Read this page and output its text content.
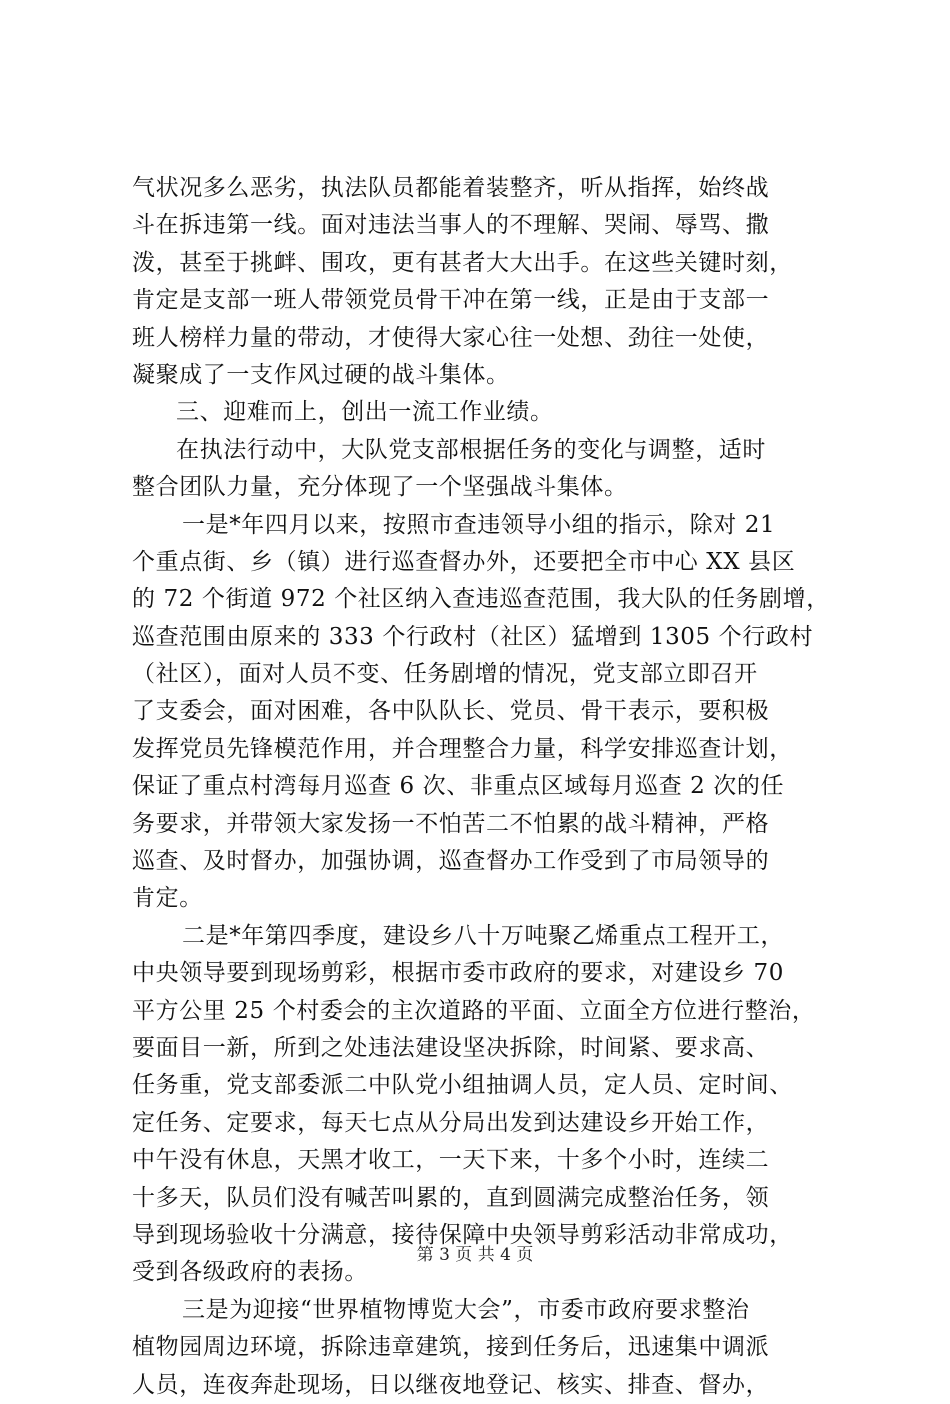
气状况多么恶劣，执法队员都能着装整齐，听从指挥，始终战
斗在拆违第一线。面对违法当事人的不理解、哭闹、辱骂、撒
泼，甚至于挑衅、围攻，更有甚者大大出手。在这些关键时刻，
肯定是支部一班人带领党员骨干冲在第一线，正是由于支部一
班人榜样力量的带动，才使得大家心往一处想、劲往一处使，
凝聚成了一支作风过硬的战斗集体。
三、迎难而上，创出一流工作业绩。
在执法行动中，大队党支部根据任务的变化与调整，适时
整合团队力量，充分体现了一个坚强战斗集体。
一是*年四月以来，按照市查违领导小组的指示，除对 21
个重点街、乡（镇）进行巡查督办外，还要把全市中心 XX 县区
的 72 个街道 972 个社区纳入查违巡查范围，我大队的任务剧增，
巡查范围由原来的 333 个行政村（社区）猛增到 1305 个行政村
（社区），面对人员不变、任务剧增的情况，党支部立即召开
了支委会，面对困难，各中队队长、党员、骨干表示，要积极
发挥党员先锋模范作用，并合理整合力量，科学安排巡查计划，
保证了重点村湾每月巡查 6 次、非重点区域每月巡查 2 次的任
务要求，并带领大家发扬一不怕苦二不怕累的战斗精神，严格
巡查、及时督办，加强协调，巡查督办工作受到了市局领导的
肯定。
二是*年第四季度，建设乡八十万吨聚乙烯重点工程开工，
中央领导要到现场剪彩，根据市委市政府的要求，对建设乡 70
平方公里 25 个村委会的主次道路的平面、立面全方位进行整治，
要面目一新，所到之处违法建设坚决拆除，时间紧、要求高、
任务重，党支部委派二中队党小组抽调人员，定人员、定时间、
定任务、定要求，每天七点从分局出发到达建设乡开始工作，
中午没有休息，天黑才收工，一天下来，十多个小时，连续二
十多天，队员们没有喊苦叫累的，直到圆满完成整治任务，领
导到现场验收十分满意，接待保障中央领导剪彩活动非常成功，
受到各级政府的表扬。
三是为迎接“世界植物博览大会”，市委市政府要求整治
植物园周边环境，拆除违章建筑，接到任务后，迅速集中调派
人员，连夜奔赴现场，日以继夜地登记、核实、排查、督办，
第 3 页 共 4 页
